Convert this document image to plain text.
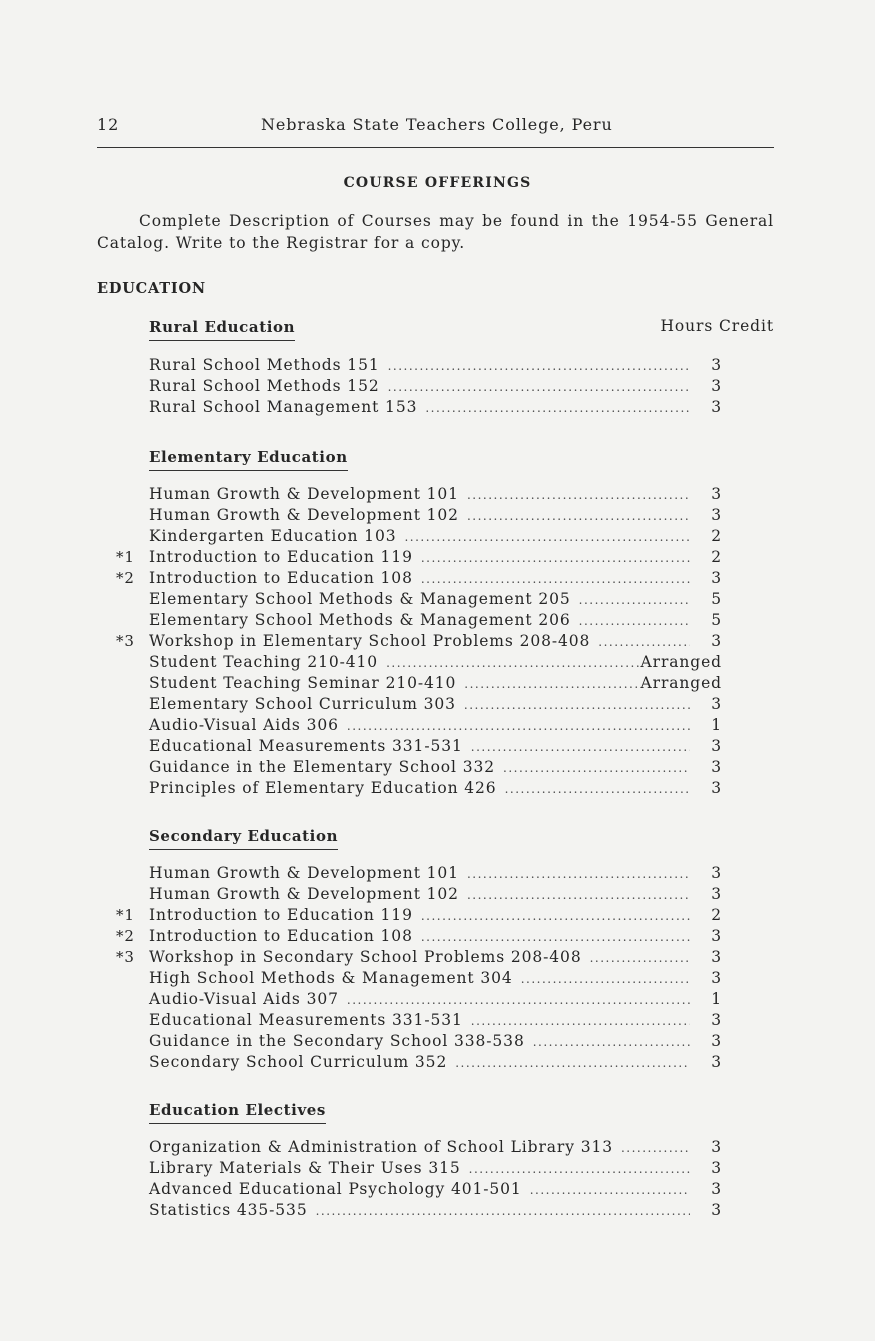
12	Nebraska State Teachers College, Peru
COURSE OFFERINGS

Complete Description of Courses may be found in the 1954-55 General

Catalog. Write to the Registrar for a copy.

EDUCATION
Hours Credit
Rural Education
Rural School Methods 151 .....	3
Rural School Methods 152 .....	3
Rural School Management 153 .....	3
Elementary Education
Human Growth & Development 101 .....	3
Human Growth & Development 102 .....	3
Kindergarten Education 103 .....	2
*1 Introduction to Education 119 .....	2
*2 Introduction to Education 108 .....	3
Elementary School Methods & Management 205 .....	5
Elementary School Methods & Management 206 .....	5
*3 Workshop in Elementary School Problems 208-408 .....	3
Student Teaching 210-410 .....	Arranged
Student Teaching Seminar 210-410 .....	Arranged
Elementary School Curriculum 303 .....	3
Audio-Visual Aids 306 .....	1
Educational Measurements 331-531 .....	3
Guidance in the Elementary School 332 .....	3
Principles of Elementary Education 426 .....	3
Secondary Education
Human Growth & Development 101 .....	3
Human Growth & Development 102 .....	3
*1 Introduction to Education 119 .....	2
*2 Introduction to Education 108 .....	3
*3 Workshop in Secondary School Problems 208-408 .....	3
High School Methods & Management 304 .....	3
Audio-Visual Aids 307 .....	1
Educational Measurements 331-531 .....	3
Guidance in the Secondary School 338-538 .....	3
Secondary School Curriculum 352 .....	3
Education Electives
Organization & Administration of School Library 313 .....	3
Library Materials & Their Uses 315 .....	3
Advanced Educational Psychology 401-501 .....	3
Statistics 435-535 .....	3
